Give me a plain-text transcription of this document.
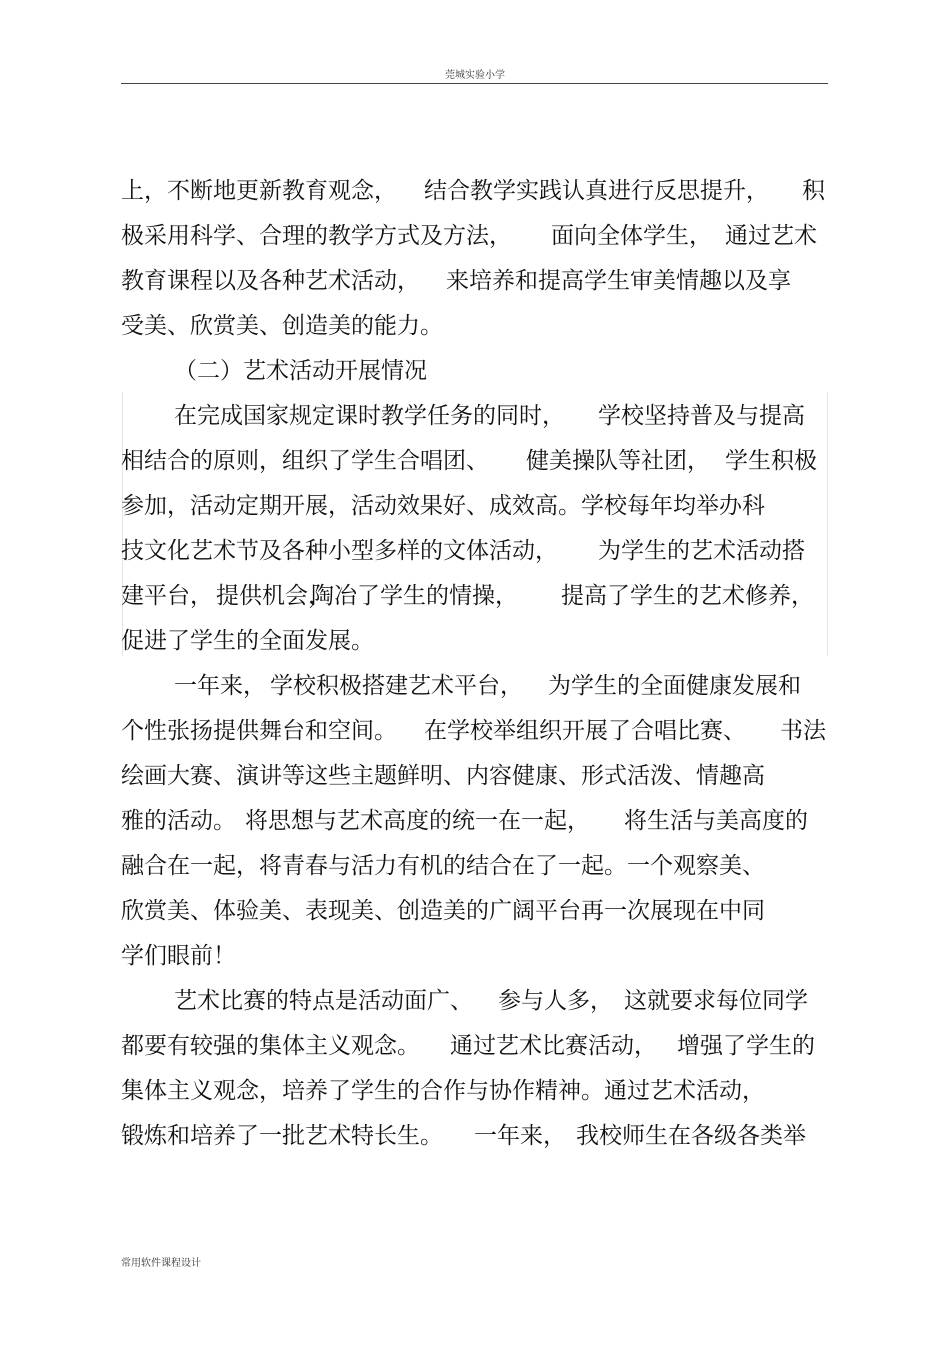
莞城实验小学
上，不断地更新教育观念， 结合教学实践认真进行反思提升， 积
极采用科学、合理的教学方式及方法， 面向全体学生， 通过艺术
教育课程以及各种艺术活动， 来培养和提高学生审美情趣以及享
受美、欣赏美、创造美的能力。
（二）艺术活动开展情况
在完成国家规定课时教学任务的同时， 学校坚持普及与提高
相结合的原则，组织了学生合唱团、 健美操队等社团， 学生积极
参加，活动定期开展，活动效果好、成效高。学校每年均举办科
技文化艺术节及各种小型多样的文体活动， 为学生的艺术活动搭
建平台， 提供机会，
陶冶了学生的情操， 提高了学生的艺术修养，
促进了学生的全面发展。
一年来， 学校积极搭建艺术平台， 为学生的全面健康发展和
个性张扬提供舞台和空间。 在学校举组织开展了合唱比赛、 书法
绘画大赛、演讲等这些主题鲜明、内容健康、形式活泼、情趣高
雅的活动。 将思想与艺术高度的统一在一起， 将生活与美高度的
融合在一起，将青春与活力有机的结合在了一起。一个观察美、
欣赏美、体验美、表现美、创造美的广阔平台再一次展现在中同
学们眼前！
艺术比赛的特点是活动面广、 参与人多， 这就要求每位同学
都要有较强的集体主义观念。 通过艺术比赛活动， 增强了学生的
集体主义观念，培养了学生的合作与协作精神。通过艺术活动，
锻炼和培养了一批艺术特长生。 一年来， 我校师生在各级各类举
常用软件课程设计
